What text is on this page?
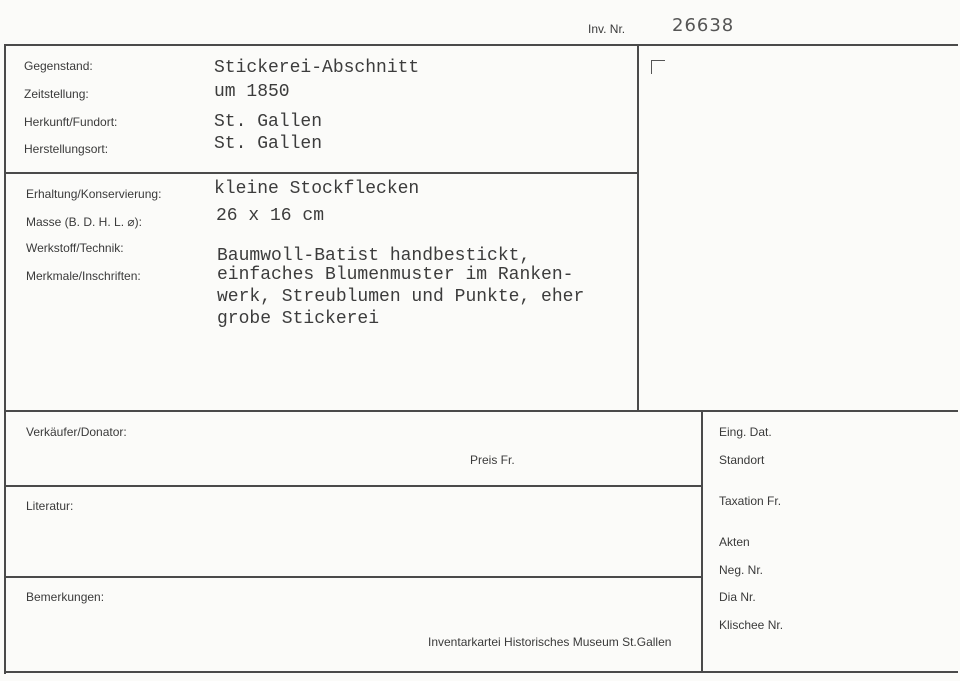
Inv. Nr.	26638
Gegenstand:
Zeitstellung:
Herkunft/Fundort:
Herstellungsort:
Stickerei-Abschnitt
um 1850
St. Gallen
St. Gallen
Erhaltung/Konservierung:
Masse (B. D. H. L. ⌀):
Werkstoff/Technik:
Merkmale/Inschriften:
kleine Stockflecken
26 x 16 cm
Baumwoll-Batist handbestickt,
einfaches Blumenmuster im Ranken-
werk, Streublumen und Punkte, eher
grobe Stickerei
Verkäufer/Donator:
Preis Fr.
Literatur:
Bemerkungen:
Inventarkartei Historisches Museum St.Gallen
Eing. Dat.
Standort
Taxation Fr.
Akten
Neg. Nr.
Dia Nr.
Klischee Nr.
